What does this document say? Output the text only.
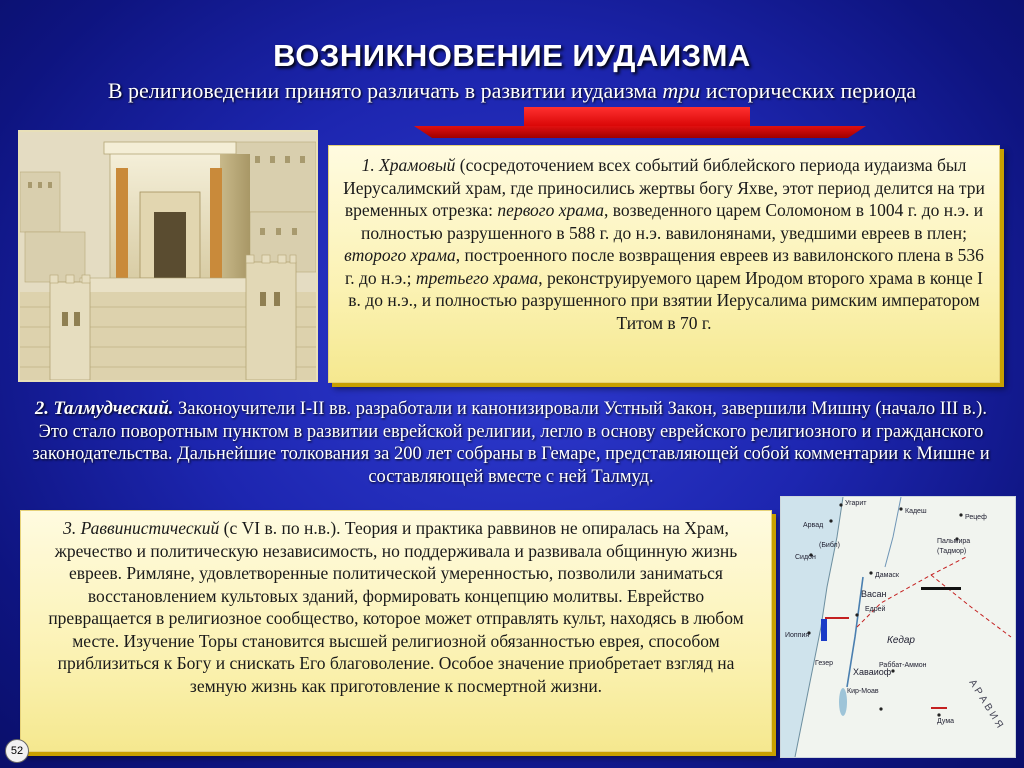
ВОЗНИКНОВЕНИЕ ИУДАИЗМА
В религиоведении принято различать в развитии иудаизма три исторических периода
1. Храмовый (сосредоточением всех событий библейского периода иудаизма был Иерусалимский храм, где приносились жертвы богу Яхве, этот период делится на три временных отрезка: первого храма, возведенного царем Соломоном в 1004 г. до н.э. и полностью разрушенного в 588 г. до н.э. вавилонянами, уведшими евреев в плен; второго храма, построенного после возвращения евреев из вавилонского плена в 536 г. до н.э.; третьего храма, реконструируемого царем Иродом второго храма в конце I в. до н.э., и полностью разрушенного при взятии Иерусалима римским императором Титом в 70 г.
2. Талмудческий. Законоучители I-II вв. разработали и канонизировали Устный Закон, завершили Мишну (начало III в.). Это стало поворотным пунктом в развитии еврейской религии, легло в основу еврейского религиозного и гражданского законодательства. Дальнейшие толкования за 200 лет собраны в Гемаре, представляющей собой комментарии к Мишне и составляющей вместе с ней Талмуд.
3. Раввинистический (с VI в. по н.в.). Теория и практика раввинов не опиралась на Храм, жречество и политическую независимость, но поддерживала и развивала общинную жизнь евреев. Римляне, удовлетворенные политической умеренностью, позволили заниматься восстановлением культовых зданий, формировать концепцию молитвы. Еврейство превращается в религиозное сообщество, которое может отправлять культ, находясь в любом месте. Изучение Торы становится высшей религиозной обязанностью еврея, способом приблизиться к Богу и снискать Его благоволение. Особое значение приобретает взгляд на земную жизнь как приготовление к посмертной жизни.
Угарит
Арвад
Кадеш
Рецеф
Пальмира
(Тадмор)
Сидон
(Библ)
Дамаск
Васан
Едрей
Иоппия	Кедар
Раббат-Аммон
Кир-Моав
Гезер
Хаваиоф
Дума А Р А В И Я
52
